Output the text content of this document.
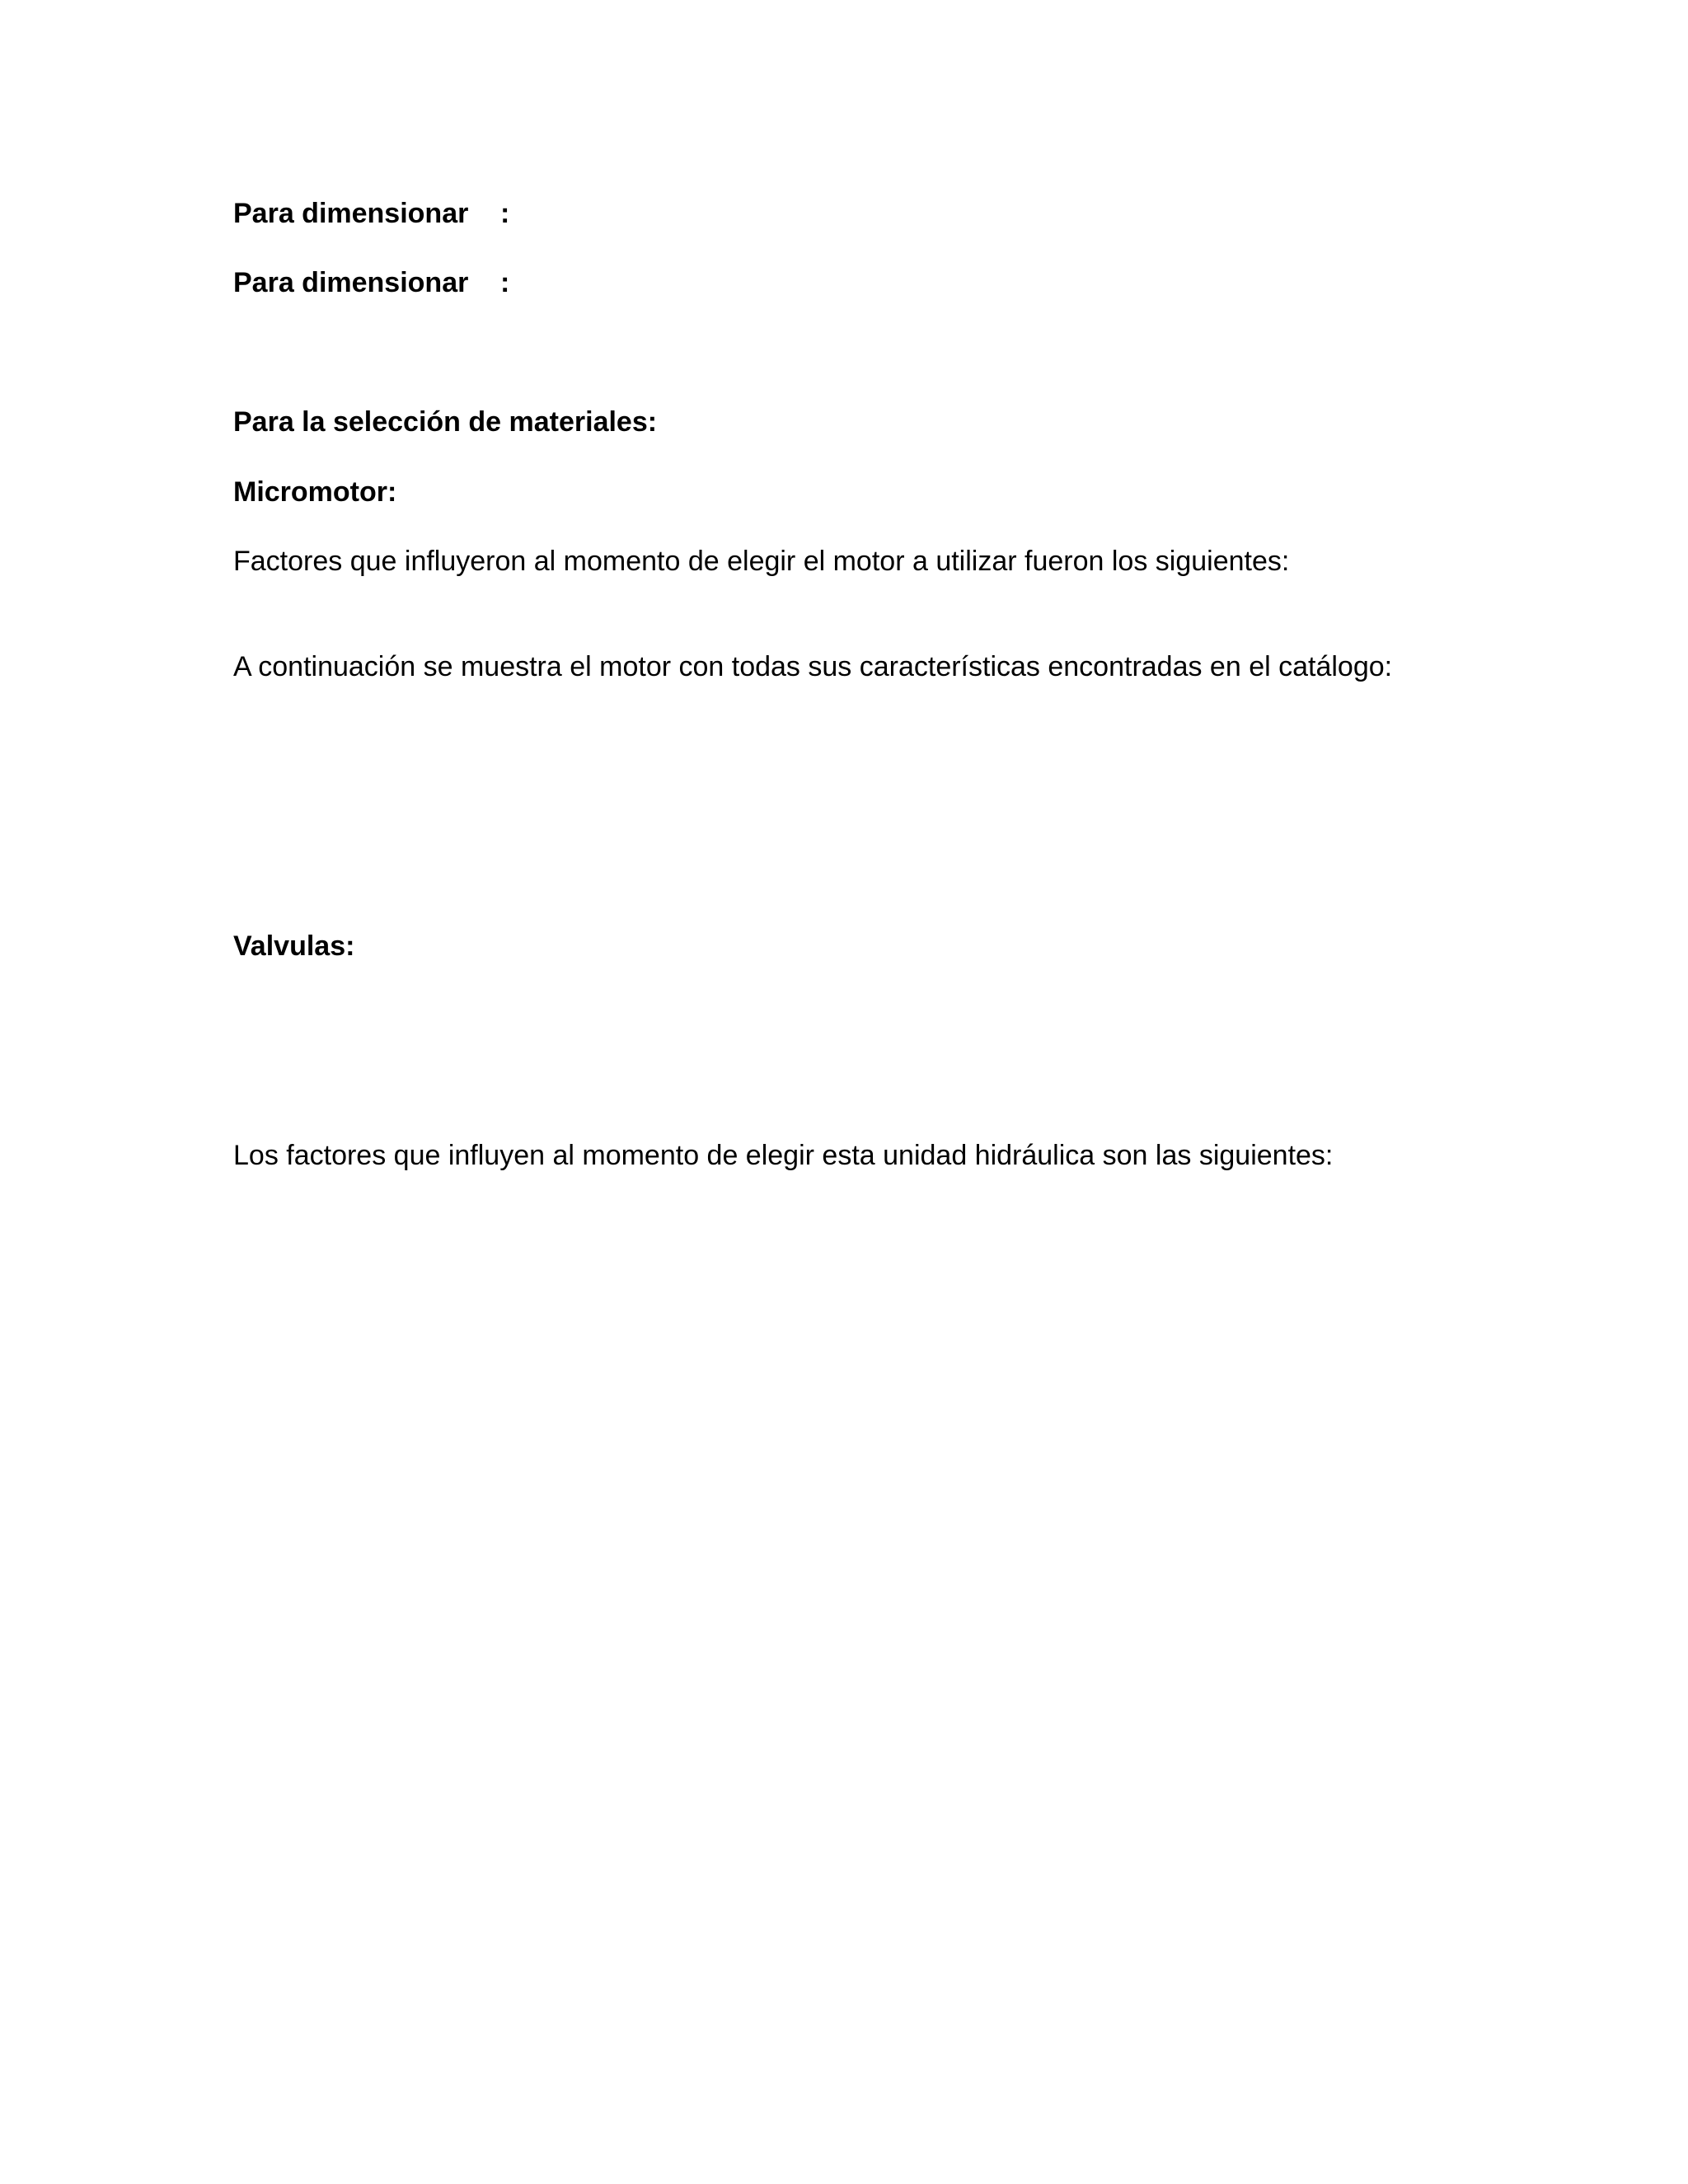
Para dimensionar :
Para dimensionar :
Para la selección de materiales:
Micromotor:
Factores que influyeron al momento de elegir el motor a utilizar fueron los siguientes:
A continuación se muestra el motor con todas sus características encontradas en el catálogo:
Valvulas:
Los factores que influyen al momento de elegir esta unidad hidráulica son las siguientes:
